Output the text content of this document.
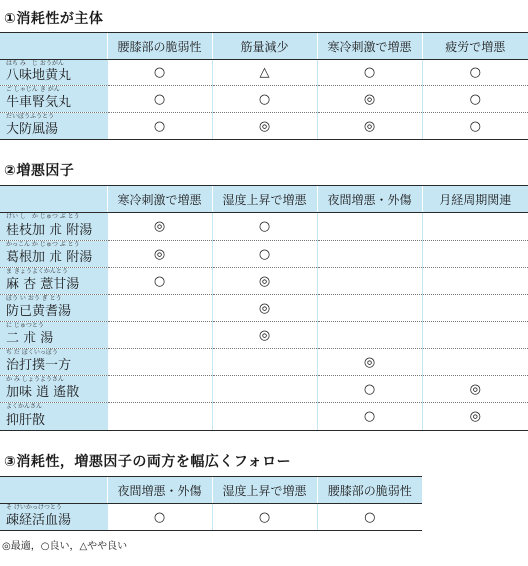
①消耗性が主体
	腰膝部の脆弱性	筋量減少	寒冷刺激で増悪	疲労で増悪

はち み　じ おうがん
八味地黄丸	○	△	○	○

ご しゃじん き がん
牛車腎気丸	○	○	◎	○

だいぼうふうとう
大防風湯	○	◎	◎	○
②増悪因子
	寒冷刺激で増悪	湿度上昇で増悪	夜間増悪・外傷	月経周期関連

けい し　か じゅつ ぶ とう
桂枝加 朮 附湯	◎	○		

かっこん か じゅつ ぶ とう
葛根加 朮 附湯	◎	○		

ま きょうよくかんとう
麻 杏 薏甘湯	○	◎		

ぼう い おう ぎ とう
防已黄耆湯		◎		

に じゅつとう
二 朮 湯		◎		

ぢ だ ぼくいっぽう
治打撲一方			◎	

か み しょうようさん
加味 逍 遙散			○	◎

よくかんさん
抑肝散			○	◎
③消耗性，増悪因子の両方を幅広くフォロー
	夜間増悪・外傷	湿度上昇で増悪	腰膝部の脆弱性

そ けいかっけつとう
疎経活血湯	○	○	○
◎最適，○良い，△やや良い
